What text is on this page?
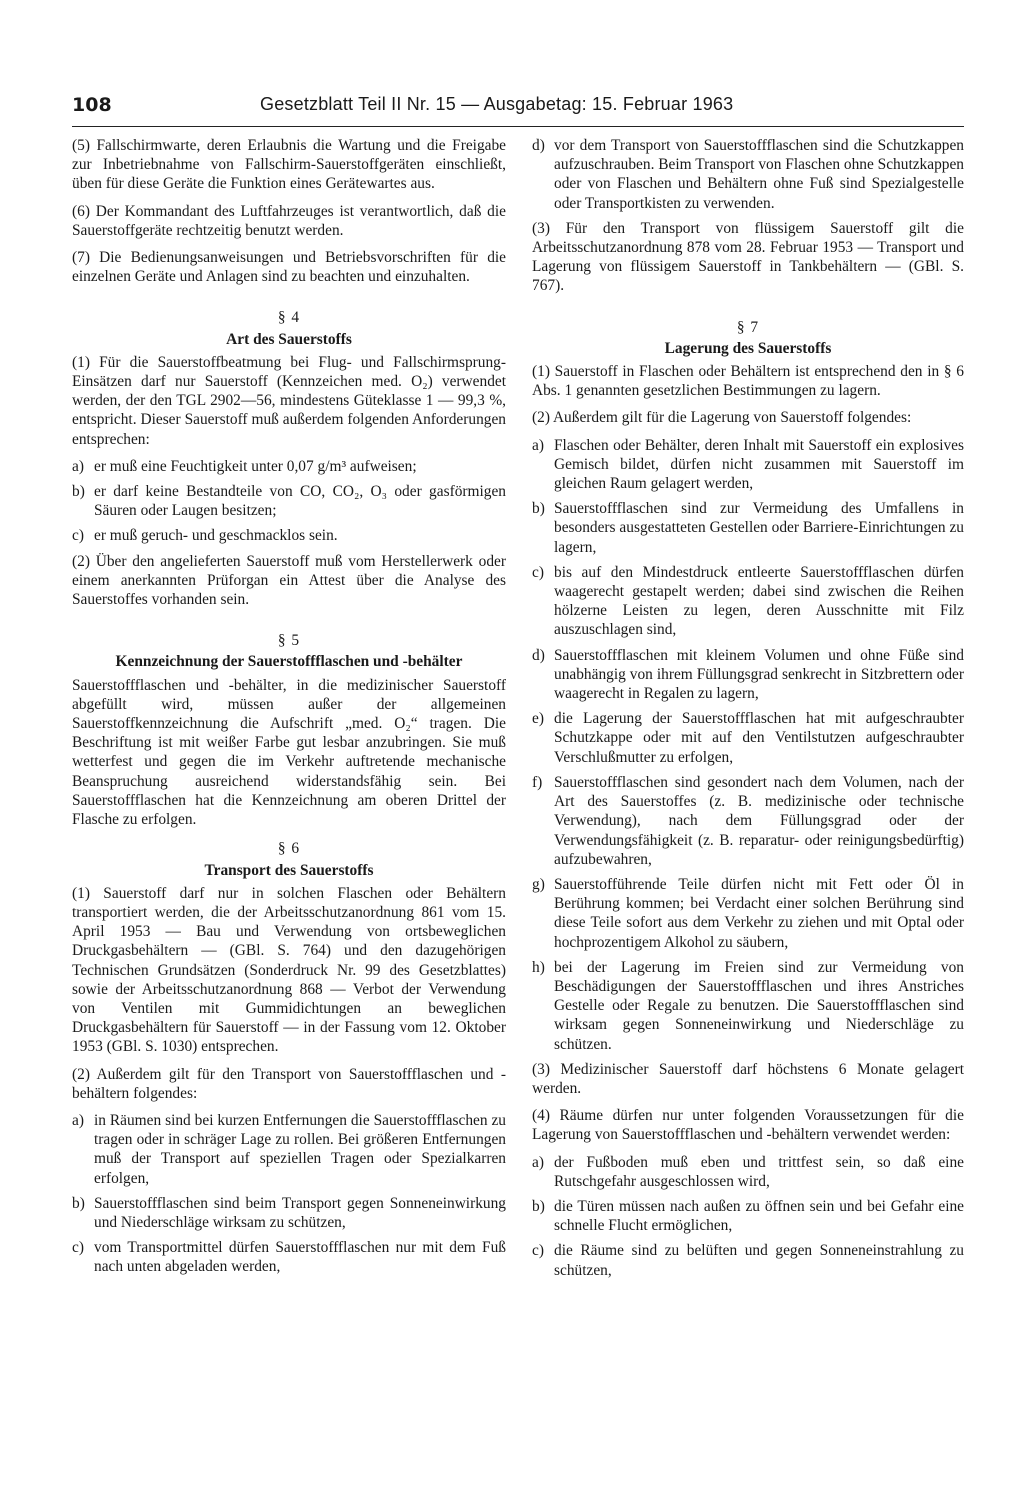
108	Gesetzblatt Teil II Nr. 15 — Ausgabetag: 15. Februar 1963

(5) Fallschirmwarte, deren Erlaubnis die Wartung und die Freigabe zur Inbetriebnahme von Fallschirm-Sauerstoffgeräten einschließt, üben für diese Geräte die Funktion eines Gerätewartes aus.

(6) Der Kommandant des Luftfahrzeuges ist verantwortlich, daß die Sauerstoffgeräte rechtzeitig benutzt werden.

(7) Die Bedienungsanweisungen und Betriebsvorschriften für die einzelnen Geräte und Anlagen sind zu beachten und einzuhalten.

§ 4
Art des Sauerstoffs

(1) Für die Sauerstoffbeatmung bei Flug- und Fallschirmsprung-Einsätzen darf nur Sauerstoff (Kennzeichen med. O₂) verwendet werden, der den TGL 2902—56, mindestens Güteklasse 1 — 99,3 %, entspricht. Dieser Sauerstoff muß außerdem folgenden Anforderungen entsprechen:

a) er muß eine Feuchtigkeit unter 0,07 g/m³ aufweisen;
b) er darf keine Bestandteile von CO, CO₂, O₃ oder gasförmigen Säuren oder Laugen besitzen;
c) er muß geruch- und geschmacklos sein.

(2) Über den angelieferten Sauerstoff muß vom Herstellerwerk oder einem anerkannten Prüforgan ein Attest über die Analyse des Sauerstoffes vorhanden sein.

§ 5
Kennzeichnung der Sauerstoffflaschen und -behälter

Sauerstoffflaschen und -behälter, in die medizinischer Sauerstoff abgefüllt wird, müssen außer der allgemeinen Sauerstoffkennzeichnung die Aufschrift „med. O₂“ tragen. Die Beschriftung ist mit weißer Farbe gut lesbar anzubringen. Sie muß wetterfest und gegen die im Verkehr auftretende mechanische Beanspruchung ausreichend widerstandsfähig sein. Bei Sauerstoffflaschen hat die Kennzeichnung am oberen Drittel der Flasche zu erfolgen.

§ 6
Transport des Sauerstoffs

(1) Sauerstoff darf nur in solchen Flaschen oder Behältern transportiert werden, die der Arbeitsschutzanordnung 861 vom 15. April 1953 — Bau und Verwendung von ortsbeweglichen Druckgasbehältern — (GBl. S. 764) und den dazugehörigen Technischen Grundsätzen (Sonderdruck Nr. 99 des Gesetzblattes) sowie der Arbeitsschutzanordnung 868 — Verbot der Verwendung von Ventilen mit Gummidichtungen an beweglichen Druckgasbehältern für Sauerstoff — in der Fassung vom 12. Oktober 1953 (GBl. S. 1030) entsprechen.

(2) Außerdem gilt für den Transport von Sauerstoffflaschen und -behältern folgendes:

a) in Räumen sind bei kurzen Entfernungen die Sauerstoffflaschen zu tragen oder in schräger Lage zu rollen. Bei größeren Entfernungen muß der Transport auf speziellen Tragen oder Spezialkarren erfolgen,
b) Sauerstoffflaschen sind beim Transport gegen Sonneneinwirkung und Niederschläge wirksam zu schützen,
c) vom Transportmittel dürfen Sauerstoffflaschen nur mit dem Fuß nach unten abgeladen werden,
d) vor dem Transport von Sauerstoffflaschen sind die Schutzkappen aufzuschrauben. Beim Transport von Flaschen ohne Schutzkappen oder von Flaschen und Behältern ohne Fuß sind Spezialgestelle oder Transportkisten zu verwenden.

(3) Für den Transport von flüssigem Sauerstoff gilt die Arbeitsschutzanordnung 878 vom 28. Februar 1953 — Transport und Lagerung von flüssigem Sauerstoff in Tankbehältern — (GBl. S. 767).

§ 7
Lagerung des Sauerstoffs

(1) Sauerstoff in Flaschen oder Behältern ist entsprechend den in § 6 Abs. 1 genannten gesetzlichen Bestimmungen zu lagern.

(2) Außerdem gilt für die Lagerung von Sauerstoff folgendes:

a) Flaschen oder Behälter, deren Inhalt mit Sauerstoff ein explosives Gemisch bildet, dürfen nicht zusammen mit Sauerstoff im gleichen Raum gelagert werden,
b) Sauerstoffflaschen sind zur Vermeidung des Umfallens in besonders ausgestatteten Gestellen oder Barriere-Einrichtungen zu lagern,
c) bis auf den Mindestdruck entleerte Sauerstoffflaschen dürfen waagerecht gestapelt werden; dabei sind zwischen die Reihen hölzerne Leisten zu legen, deren Ausschnitte mit Filz auszuschlagen sind,
d) Sauerstoffflaschen mit kleinem Volumen und ohne Füße sind unabhängig von ihrem Füllungsgrad senkrecht in Sitzbrettern oder waagerecht in Regalen zu lagern,
e) die Lagerung der Sauerstoffflaschen hat mit aufgeschraubter Schutzkappe oder mit auf den Ventilstutzen aufgeschraubter Verschlußmutter zu erfolgen,
f) Sauerstoffflaschen sind gesondert nach dem Volumen, nach der Art des Sauerstoffes (z. B. medizinische oder technische Verwendung), nach dem Füllungsgrad oder der Verwendungsfähigkeit (z. B. reparatur- oder reinigungsbedürftig) aufzubewahren,
g) Sauerstofführende Teile dürfen nicht mit Fett oder Öl in Berührung kommen; bei Verdacht einer solchen Berührung sind diese Teile sofort aus dem Verkehr zu ziehen und mit Optal oder hochprozentigem Alkohol zu säubern,
h) bei der Lagerung im Freien sind zur Vermeidung von Beschädigungen der Sauerstoffflaschen und ihres Anstriches Gestelle oder Regale zu benutzen. Die Sauerstoffflaschen sind wirksam gegen Sonneneinwirkung und Niederschläge zu schützen.

(3) Medizinischer Sauerstoff darf höchstens 6 Monate gelagert werden.

(4) Räume dürfen nur unter folgenden Voraussetzungen für die Lagerung von Sauerstoffflaschen und -behältern verwendet werden:

a) der Fußboden muß eben und trittfest sein, so daß eine Rutschgefahr ausgeschlossen wird,
b) die Türen müssen nach außen zu öffnen sein und bei Gefahr eine schnelle Flucht ermöglichen,
c) die Räume sind zu belüften und gegen Sonneneinstrahlung zu schützen,
